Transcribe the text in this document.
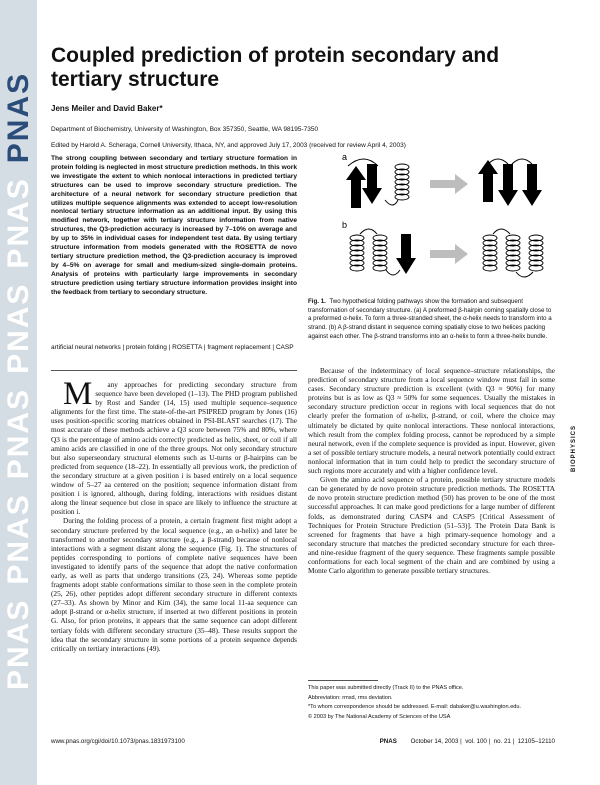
PNASPNASPNASPNASPNASPNAS
BIOPHYSICS
Coupled prediction of protein secondary and tertiary structure
Jens Meiler and David Baker*
Department of Biochemistry, University of Washington, Box 357350, Seattle, WA 98195-7350
Edited by Harold A. Scheraga, Cornell University, Ithaca, NY, and approved July 17, 2003 (received for review April 4, 2003)

The strong coupling between secondary and tertiary structure formation in protein folding is neglected in most structure prediction methods. In this work we investigate the extent to which nonlocal interactions in predicted tertiary structures can be used to improve secondary structure prediction. The architecture of a neural network for secondary structure prediction that utilizes multiple sequence alignments was extended to accept low-resolution nonlocal tertiary structure information as an additional input. By using this modified network, together with tertiary structure information from native structures, the Q3-prediction accuracy is increased by 7–10% on average and by up to 35% in individual cases for independent test data. By using tertiary structure information from models generated with the ROSETTA de novo tertiary structure prediction method, the Q3-prediction accuracy is improved by 4–5% on average for small and medium-sized single-domain proteins. Analysis of proteins with particularly large improvements in secondary structure prediction using tertiary structure information provides insight into the feedback from tertiary to secondary structure.

artificial neural networks | protein folding | ROSETTA | fragment replacement | CASP

M any approaches for predicting secondary structure from sequence have been developed (1–13). The PHD program published by Rost and Sander (14, 15) used multiple sequence–sequence alignments for the first time. The state-of-the-art PSIPRED program by Jones (16) uses position-specific scoring matrices obtained in PSI-BLAST searches (17). The most accurate of these methods achieve a Q3 score between 75% and 80%, where Q3 is the percentage of amino acids correctly predicted as helix, sheet, or coil if all amino acids are classified in one of the three groups. Not only secondary structure but also superseondary structural elements such as U-turns or β-hairpins can be predicted from sequence (18–22). In essentially all previous work, the prediction of the secondary structure at a given position i is based entirely on a local sequence window of 5–27 aa centered on the position; sequence information distant from position i is ignored, although, during folding, interactions with residues distant along the linear sequence but close in space are likely to influence the structure at position i.

During the folding process of a protein, a certain fragment first might adopt a secondary structure preferred by the local sequence (e.g., an α-helix) and later be transformed to another secondary structure (e.g., a β-strand) because of nonlocal interactions with a segment distant along the sequence (Fig. 1). The structures of peptides corresponding to portions of complete native sequences have been investigated to identify parts of the sequence that adopt the native conformation early, as well as parts that undergo transitions (23, 24). Whereas some peptide fragments adopt stable conformations similar to those seen in the complete protein (25, 26), other peptides adopt different secondary structure in different contexts (27–33). As shown by Minor and Kim (34), the same local 11-aa sequence can adopt β-strand or α-helix structure, if inserted at two different positions in protein G. Also, for prion proteins, it appears that the same sequence can adopt different tertiary folds with different secondary structure (35–48). These results support the idea that the secondary structure in some portions of a protein sequence depends critically on tertiary interactions (49).

a
b

Fig. 1. Two hypothetical folding pathways show the formation and subsequent transformation of secondary structure. (a) A preformed β-hairpin coming spatially close to a preformed α-helix. To form a three-stranded sheet, the α-helix needs to transform into a strand. (b) A β-strand distant in sequence coming spatially close to two helices packing against each other. The β-strand transforms into an α-helix to form a three-helix bundle.

Because of the indeterminacy of local sequence–structure relationships, the prediction of secondary structure from a local sequence window must fail in some cases. Secondary structure prediction is excellent (with Q3 ≈ 90%) for many proteins but is as low as Q3 ≈ 50% for some sequences. Usually the mistakes in secondary structure prediction occur in regions with local sequences that do not clearly prefer the formation of α-helix, β-strand, or coil, where the choice may ultimately be dictated by quite nonlocal interactions. These nonlocal interactions, which result from the complex folding process, cannot be reproduced by a simple neural network, even if the complete sequence is provided as input. However, given a set of possible tertiary structure models, a neural network potentially could extract nonlocal information that in turn could help to predict the secondary structure of such regions more accurately and with a higher confidence level.

Given the amino acid sequence of a protein, possible tertiary structure models can be generated by de novo protein structure prediction methods. The ROSETTA de novo protein structure prediction method (50) has proven to be one of the most successful approaches. It can make good predictions for a large number of different folds, as demonstrated during CASP4 and CASP5 [Critical Assessment of Techniques for Protein Structure Prediction (51–53)]. The Protein Data Bank is screened for fragments that have a high primary-sequence homology and a secondary structure that matches the predicted secondary structure for each three- and nine-residue fragment of the query sequence. These fragments sample possible conformations for each local segment of the chain and are combined by using a Monte Carlo algorithm to generate possible tertiary structures.

This paper was submitted directly (Track II) to the PNAS office.
Abbreviation: rmsd, rms deviation.
*To whom correspondence should be addressed. E-mail: dabaker@u.washington.edu.
© 2003 by The National Academy of Sciences of the USA
www.pnas.org/cgi/doi/10.1073/pnas.1831973100	PNAS October 14, 2003 |  vol. 100 |  no. 21 |  12105–12110
